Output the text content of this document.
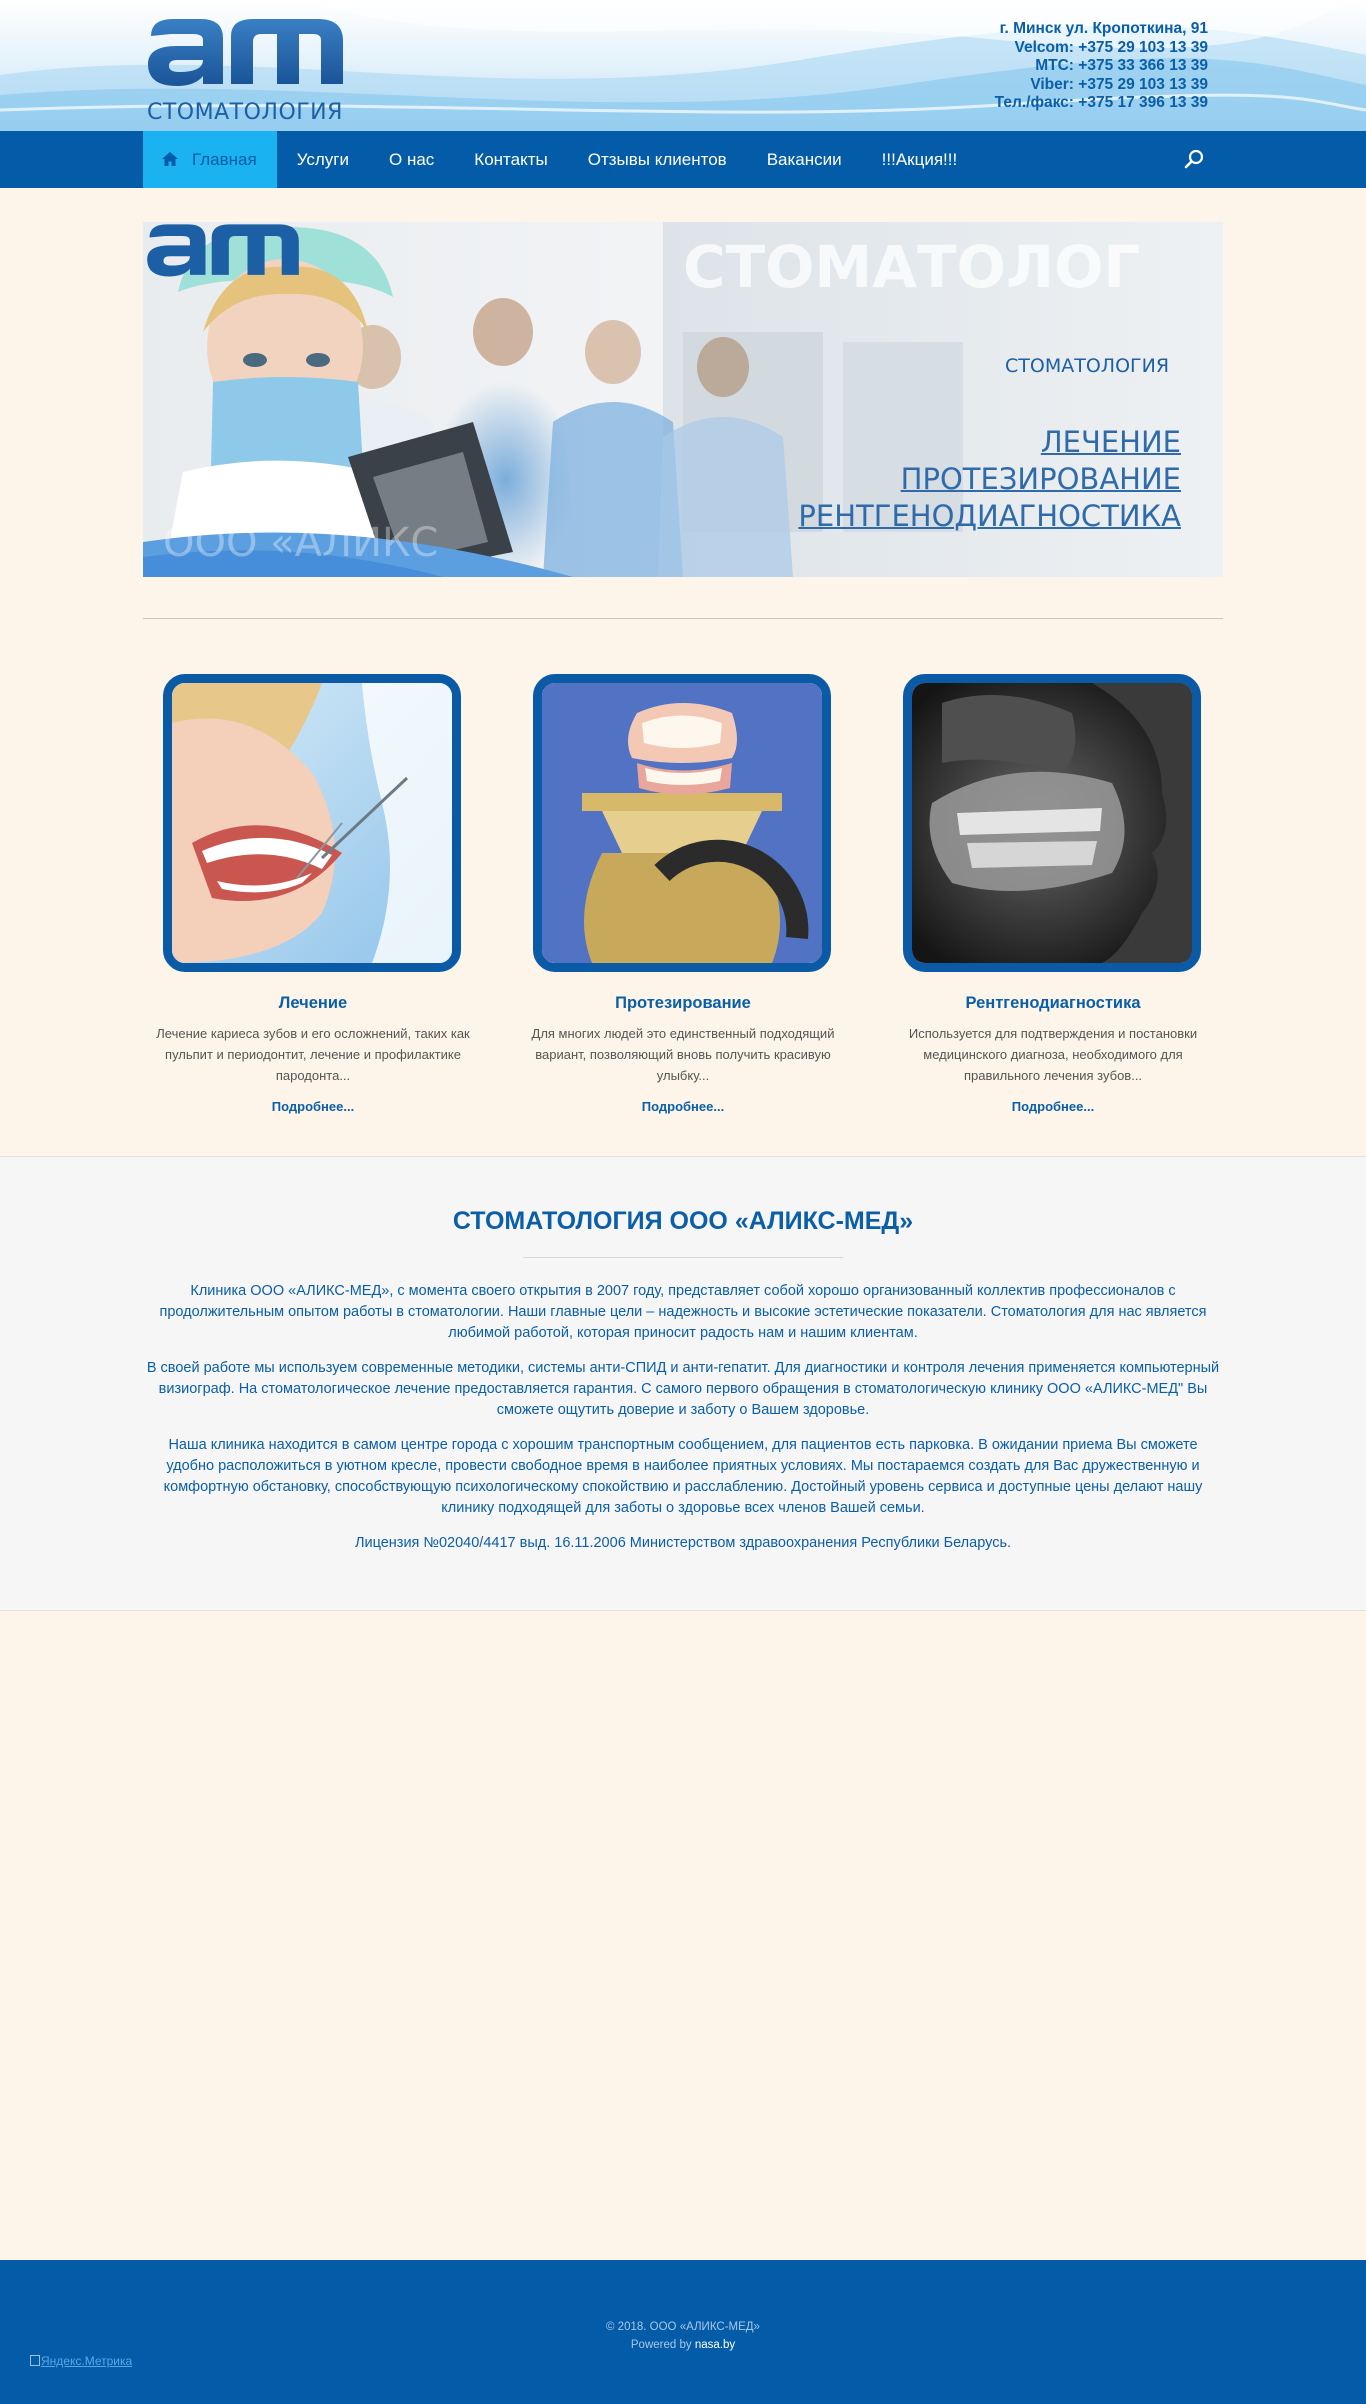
СТОМАТОЛОГИЯ
г. Минск ул. Кропоткина, 91
Velcom: +375 29 103 13 39
МТС: +375 33 366 13 39
Viber: +375 29 103 13 39
Тел./факс: +375 17 396 13 39
Главная	Услуги	О нас	Контакты	Отзывы клиентов	Вакансии	!!!Акция!!!
СТОМАТОЛОГ
ООО «АЛИКС
СТОМАТОЛОГИЯ
ЛЕЧЕНИЕ
ПРОТЕЗИРОВАНИЕ
РЕНТГЕНОДИАГНОСТИКА
Лечение
Лечение кариеса зубов и его осложнений, таких как пульпит и периодонтит, лечение и профилактике пародонта...
Подробнее...
Протезирование
Для многих людей это единственный подходящий вариант, позволяющий вновь получить красивую улыбку...
Подробнее...
Рентгенодиагностика
Используется для подтверждения и постановки медицинского диагноза, необходимого для правильного лечения зубов...
Подробнее...
СТОМАТОЛОГИЯ ООО «АЛИКС-МЕД»

Клиника ООО «АЛИКС-МЕД», с момента своего открытия в 2007 году, представляет собой хорошо организованный коллектив профессионалов с продолжительным опытом работы в стоматологии. Наши главные цели – надежность и высокие эстетические показатели. Стоматология для нас является любимой работой, которая приносит радость нам и нашим клиентам.

В своей работе мы используем современные методики, системы анти-СПИД и анти-гепатит. Для диагностики и контроля лечения применяется компьютерный визиограф. На стоматологическое лечение предоставляется гарантия. С самого первого обращения в стоматологическую клинику ООО «АЛИКС-МЕД" Вы сможете ощутить доверие и заботу о Вашем здоровье.

Наша клиника находится в самом центре города с хорошим транспортным сообщением, для пациентов есть парковка. В ожидании приема Вы сможете удобно расположиться в уютном кресле, провести свободное время в наиболее приятных условиях. Мы постараемся создать для Вас дружественную и комфортную обстановку, способствующую психологическому спокойствию и расслаблению. Достойный уровень сервиса и доступные цены делают нашу клинику подходящей для заботы о здоровье всех членов Вашей семьи.

Лицензия №02040/4417 выд. 16.11.2006 Министерством здравоохранения Республики Беларусь.

© 2018. ООО «АЛИКС-МЕД»
Powered by nasa.by
Яндекс.Метрика
